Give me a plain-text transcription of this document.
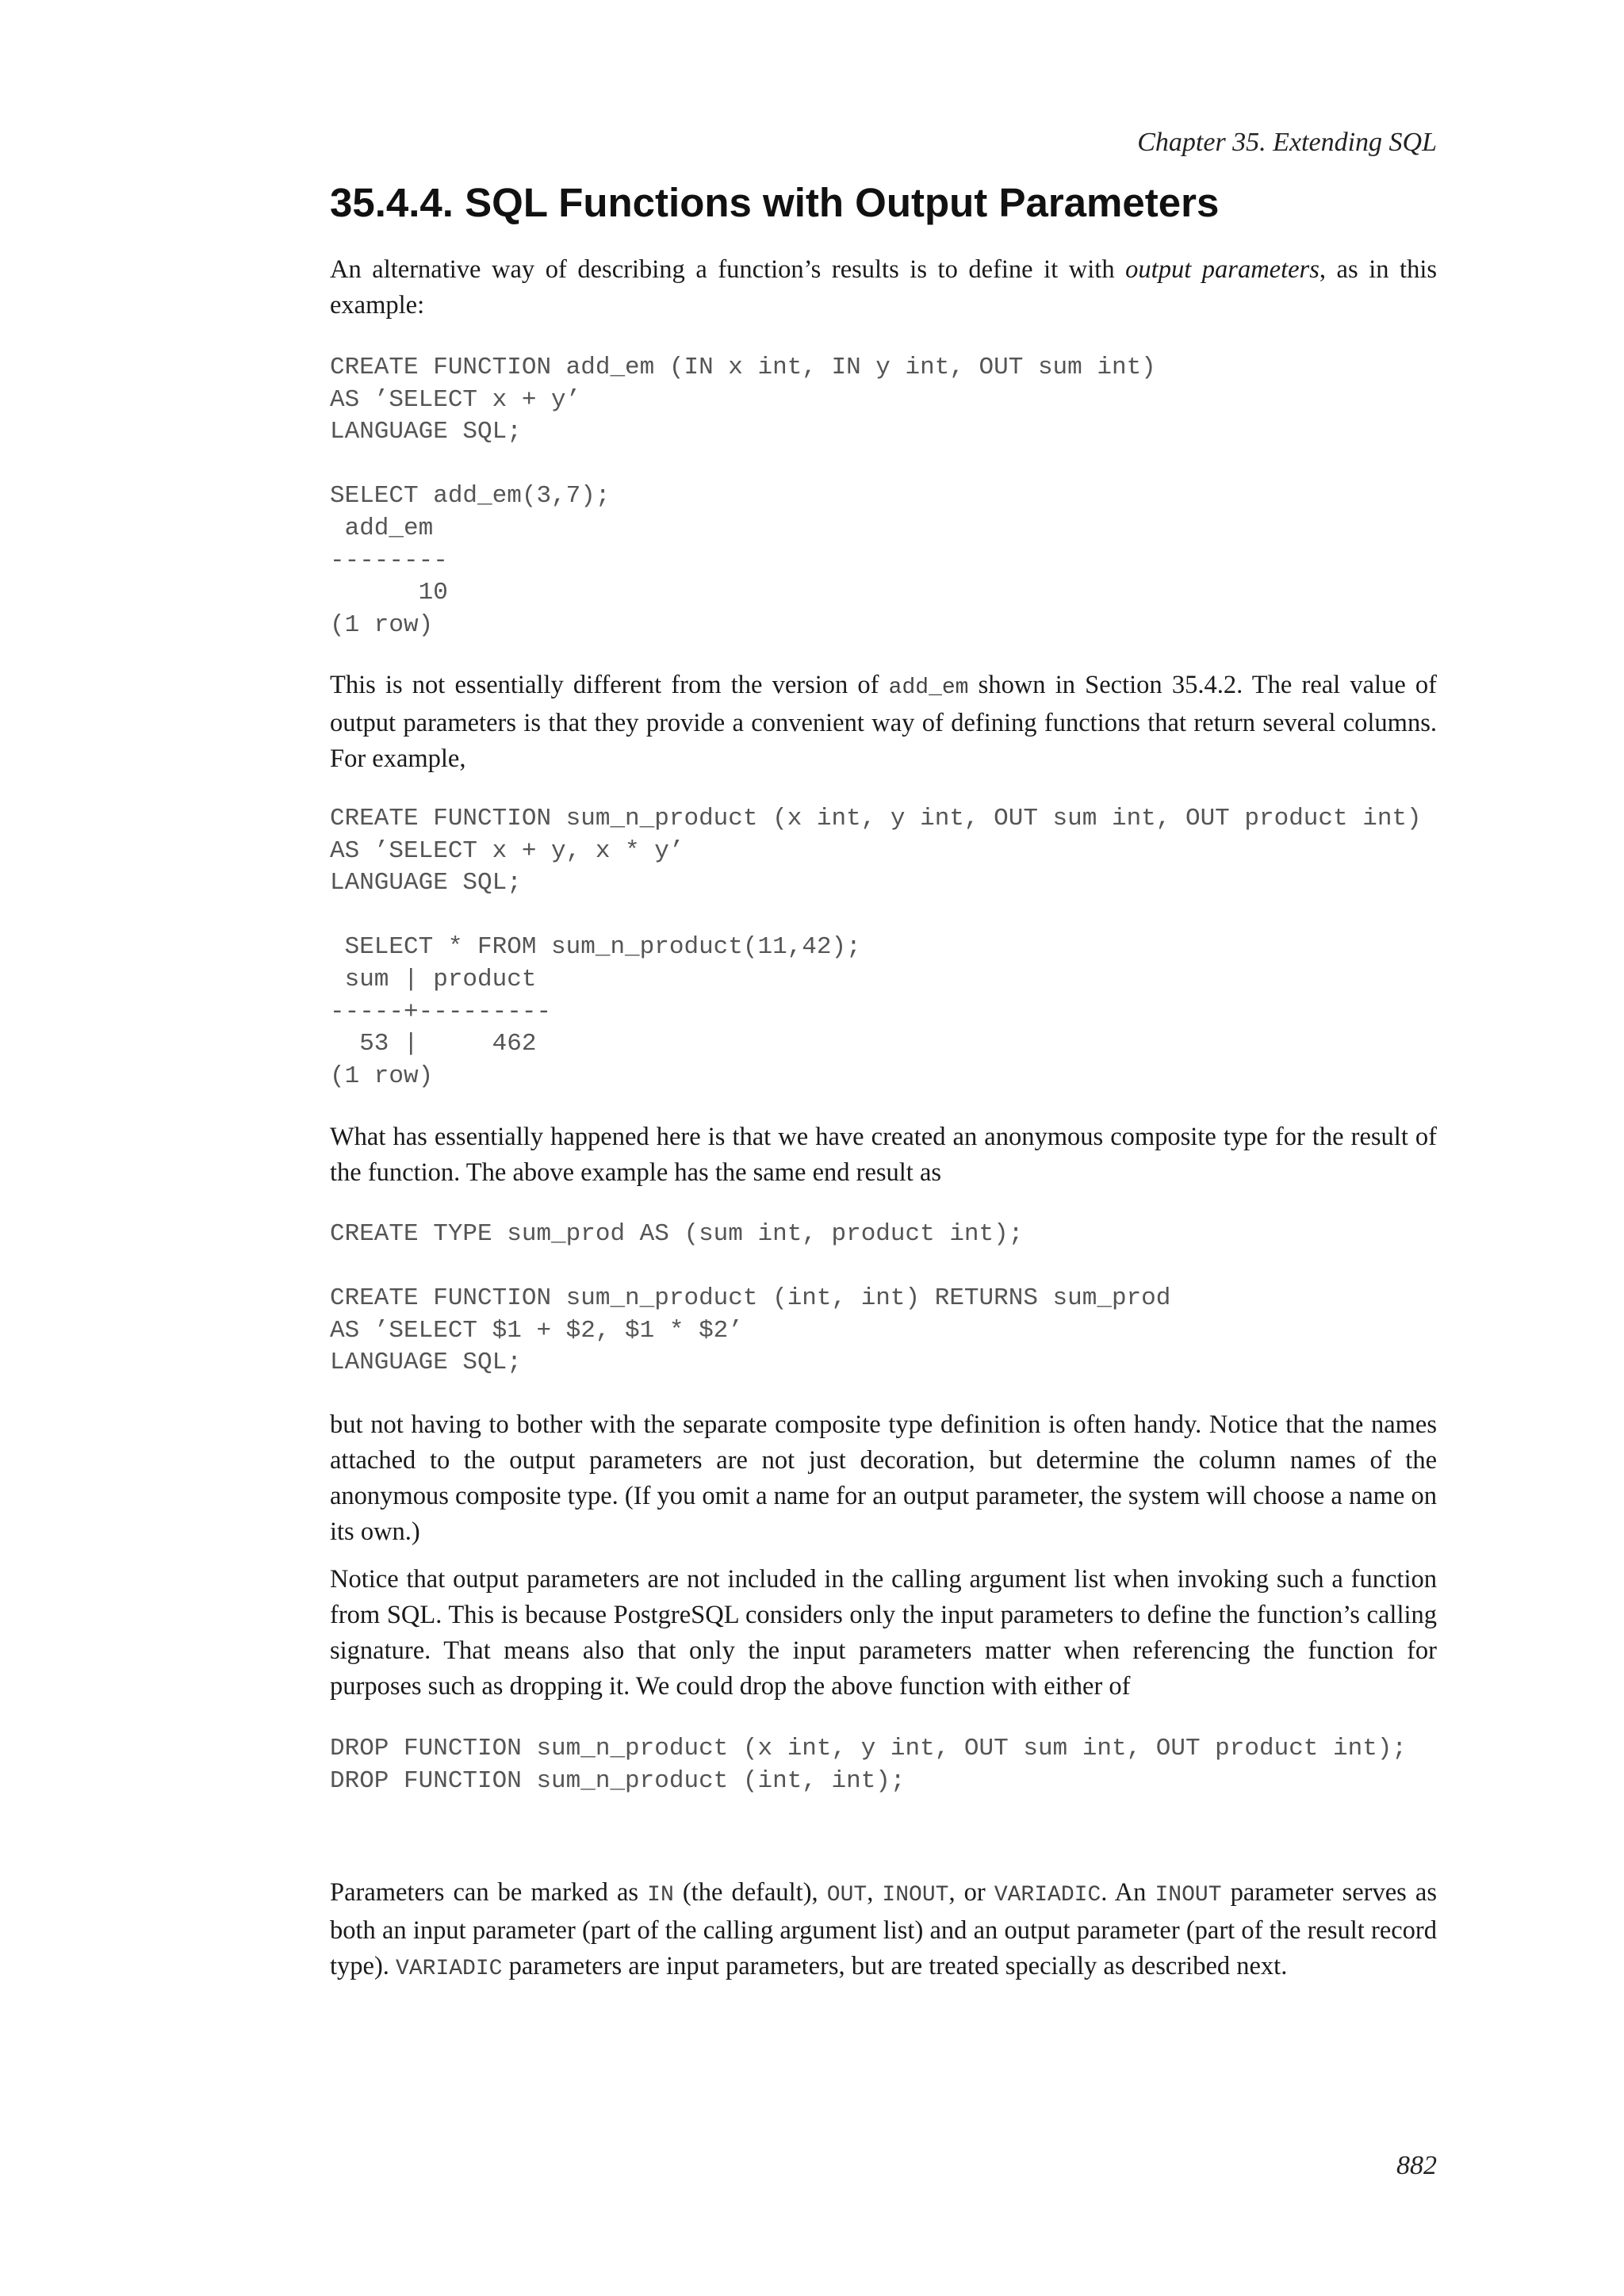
Chapter 35. Extending SQL
35.4.4. SQL Functions with Output Parameters

An alternative way of describing a function’s results is to define it with output parameters, as in this example:

CREATE FUNCTION add_em (IN x int, IN y int, OUT sum int)
AS ’SELECT x + y’
LANGUAGE SQL;

SELECT add_em(3,7);
add_em
--------
10
(1 row)

This is not essentially different from the version of add_em shown in Section 35.4.2. The real value of output parameters is that they provide a convenient way of defining functions that return several columns. For example,

CREATE FUNCTION sum_n_product (x int, y int, OUT sum int, OUT product int)
AS ’SELECT x + y, x * y’
LANGUAGE SQL;

SELECT * FROM sum_n_product(11,42);
sum | product
-----+---------
53 |     462
(1 row)

What has essentially happened here is that we have created an anonymous composite type for the result of the function. The above example has the same end result as

CREATE TYPE sum_prod AS (sum int, product int);

CREATE FUNCTION sum_n_product (int, int) RETURNS sum_prod
AS ’SELECT $1 + $2, $1 * $2’
LANGUAGE SQL;

but not having to bother with the separate composite type definition is often handy. Notice that the names attached to the output parameters are not just decoration, but determine the column names of the anonymous composite type. (If you omit a name for an output parameter, the system will choose a name on its own.)

Notice that output parameters are not included in the calling argument list when invoking such a function from SQL. This is because PostgreSQL considers only the input parameters to define the function’s calling signature. That means also that only the input parameters matter when referencing the function for purposes such as dropping it. We could drop the above function with either of

DROP FUNCTION sum_n_product (x int, y int, OUT sum int, OUT product int);
DROP FUNCTION sum_n_product (int, int);

Parameters can be marked as IN (the default), OUT, INOUT, or VARIADIC. An INOUT parameter serves as both an input parameter (part of the calling argument list) and an output parameter (part of the result record type). VARIADIC parameters are input parameters, but are treated specially as described next.

882
